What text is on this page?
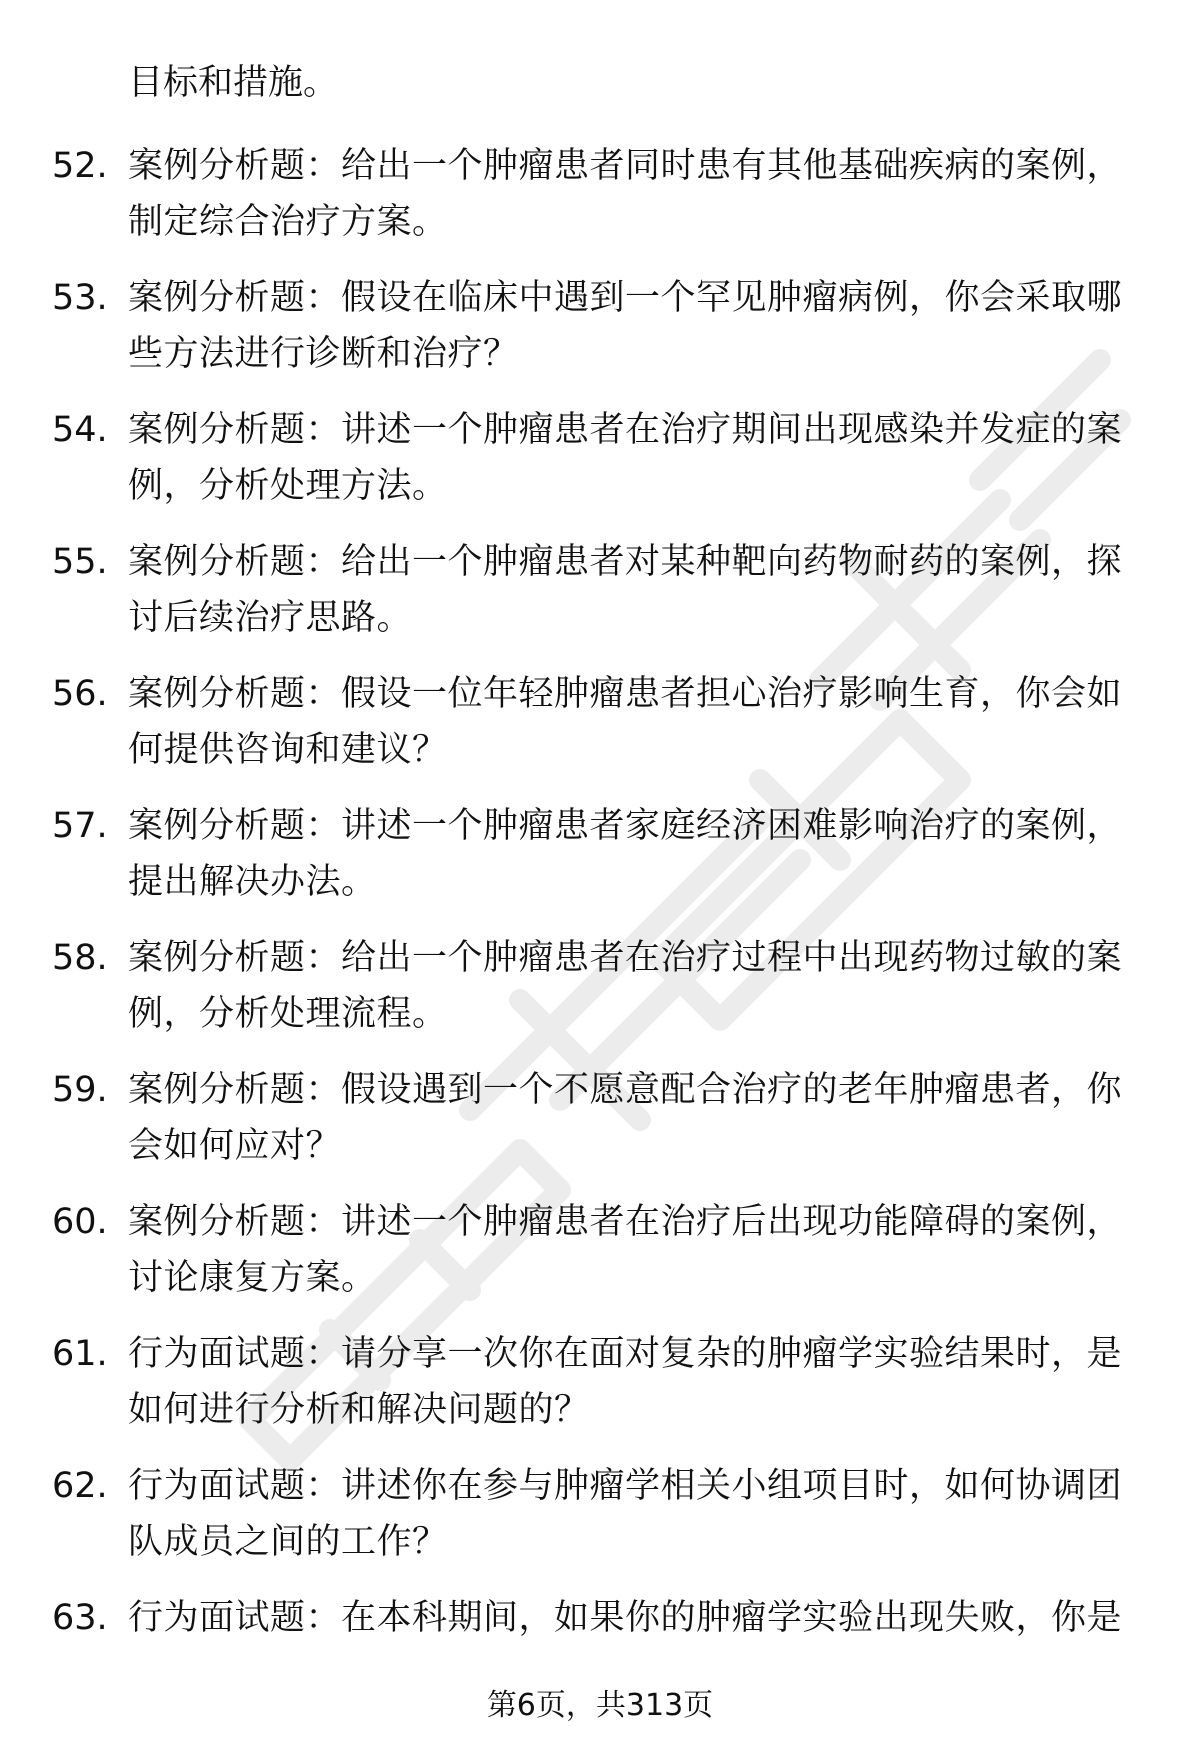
目标和措施。
52. 案例分析题：给出一个肿瘤患者同时患有其他基础疾病的案例，制定综合治疗方案。
53. 案例分析题：假设在临床中遇到一个罕见肿瘤病例，你会采取哪些方法进行诊断和治疗？
54. 案例分析题：讲述一个肿瘤患者在治疗期间出现感染并发症的案例，分析处理方法。
55. 案例分析题：给出一个肿瘤患者对某种靶向药物耐药的案例，探讨后续治疗思路。
56. 案例分析题：假设一位年轻肿瘤患者担心治疗影响生育，你会如何提供咨询和建议？
57. 案例分析题：讲述一个肿瘤患者家庭经济困难影响治疗的案例，提出解决办法。
58. 案例分析题：给出一个肿瘤患者在治疗过程中出现药物过敏的案例，分析处理流程。
59. 案例分析题：假设遇到一个不愿意配合治疗的老年肿瘤患者，你会如何应对？
60. 案例分析题：讲述一个肿瘤患者在治疗后出现功能障碍的案例，讨论康复方案。
61. 行为面试题：请分享一次你在面对复杂的肿瘤学实验结果时，是如何进行分析和解决问题的？
62. 行为面试题：讲述你在参与肿瘤学相关小组项目时，如何协调团队成员之间的工作？
63. 行为面试题：在本科期间，如果你的肿瘤学实验出现失败，你是
第6页，共313页
